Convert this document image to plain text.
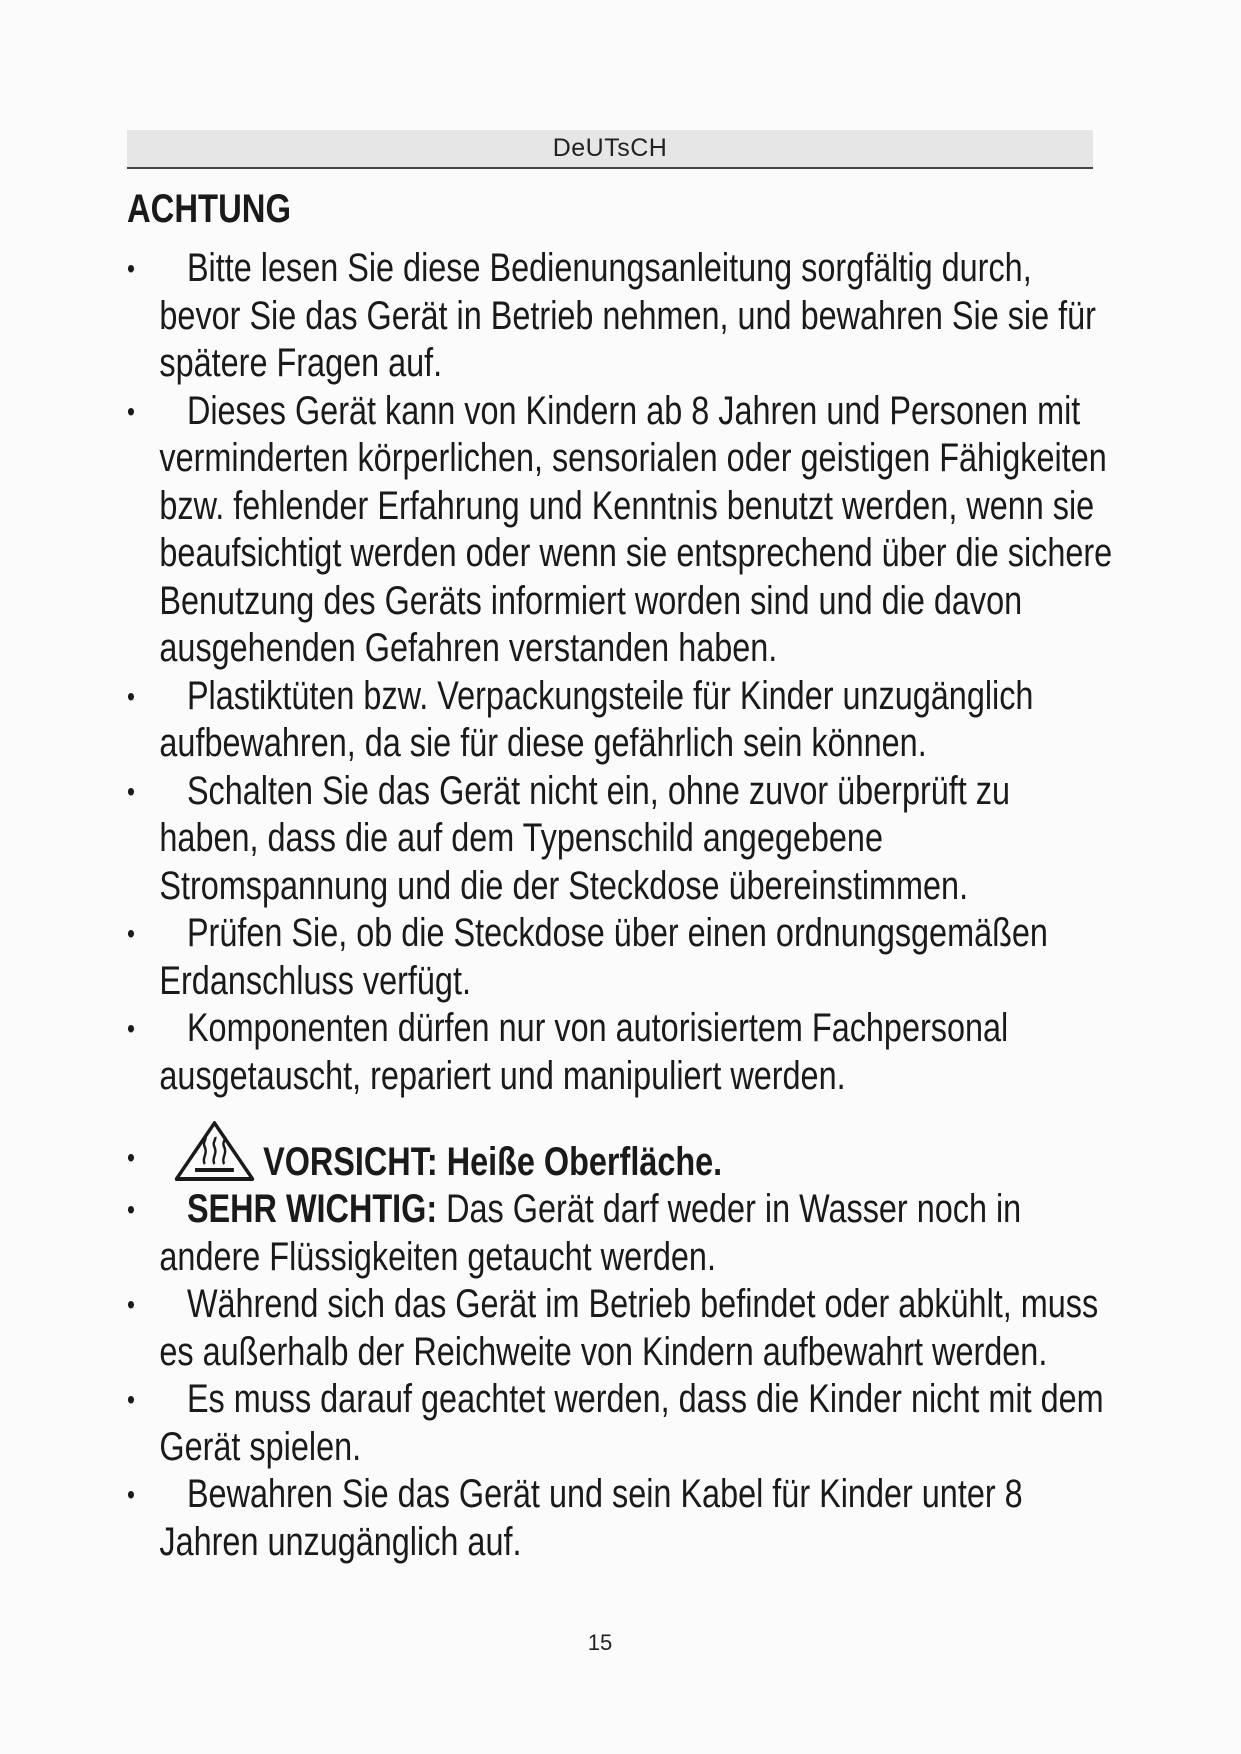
DeUTsCH
ACHTUNG
• Bitte lesen Sie diese Bedienungsanleitung sorgfältig durch, bevor Sie das Gerät in Betrieb nehmen, und bewahren Sie sie für spätere Fragen auf.
• Dieses Gerät kann von Kindern ab 8 Jahren und Personen mit verminderten körperlichen, sensorialen oder geistigen Fähigkeiten bzw. fehlender Erfahrung und Kenntnis benutzt werden, wenn sie beaufsichtigt werden oder wenn sie entsprechend über die sichere Benutzung des Geräts informiert worden sind und die davon ausgehenden Gefahren verstanden haben.
• Plastiktüten bzw. Verpackungsteile für Kinder unzugänglich aufbewahren, da sie für diese gefährlich sein können.
• Schalten Sie das Gerät nicht ein, ohne zuvor überprüft zu haben, dass die auf dem Typenschild angegebene Stromspannung und die der Steckdose übereinstimmen.
• Prüfen Sie, ob die Steckdose über einen ordnungsgemäßen Erdanschluss verfügt.
• Komponenten dürfen nur von autorisiertem Fachpersonal ausgetauscht, repariert und manipuliert werden.
•	VORSICHT: Heiße Oberfläche.
• SEHR WICHTIG: Das Gerät darf weder in Wasser noch in andere Flüssigkeiten getaucht werden.
• Während sich das Gerät im Betrieb befindet oder abkühlt, muss es außerhalb der Reichweite von Kindern aufbewahrt werden.
• Es muss darauf geachtet werden, dass die Kinder nicht mit dem Gerät spielen.
• Bewahren Sie das Gerät und sein Kabel für Kinder unter 8 Jahren unzugänglich auf.
15
